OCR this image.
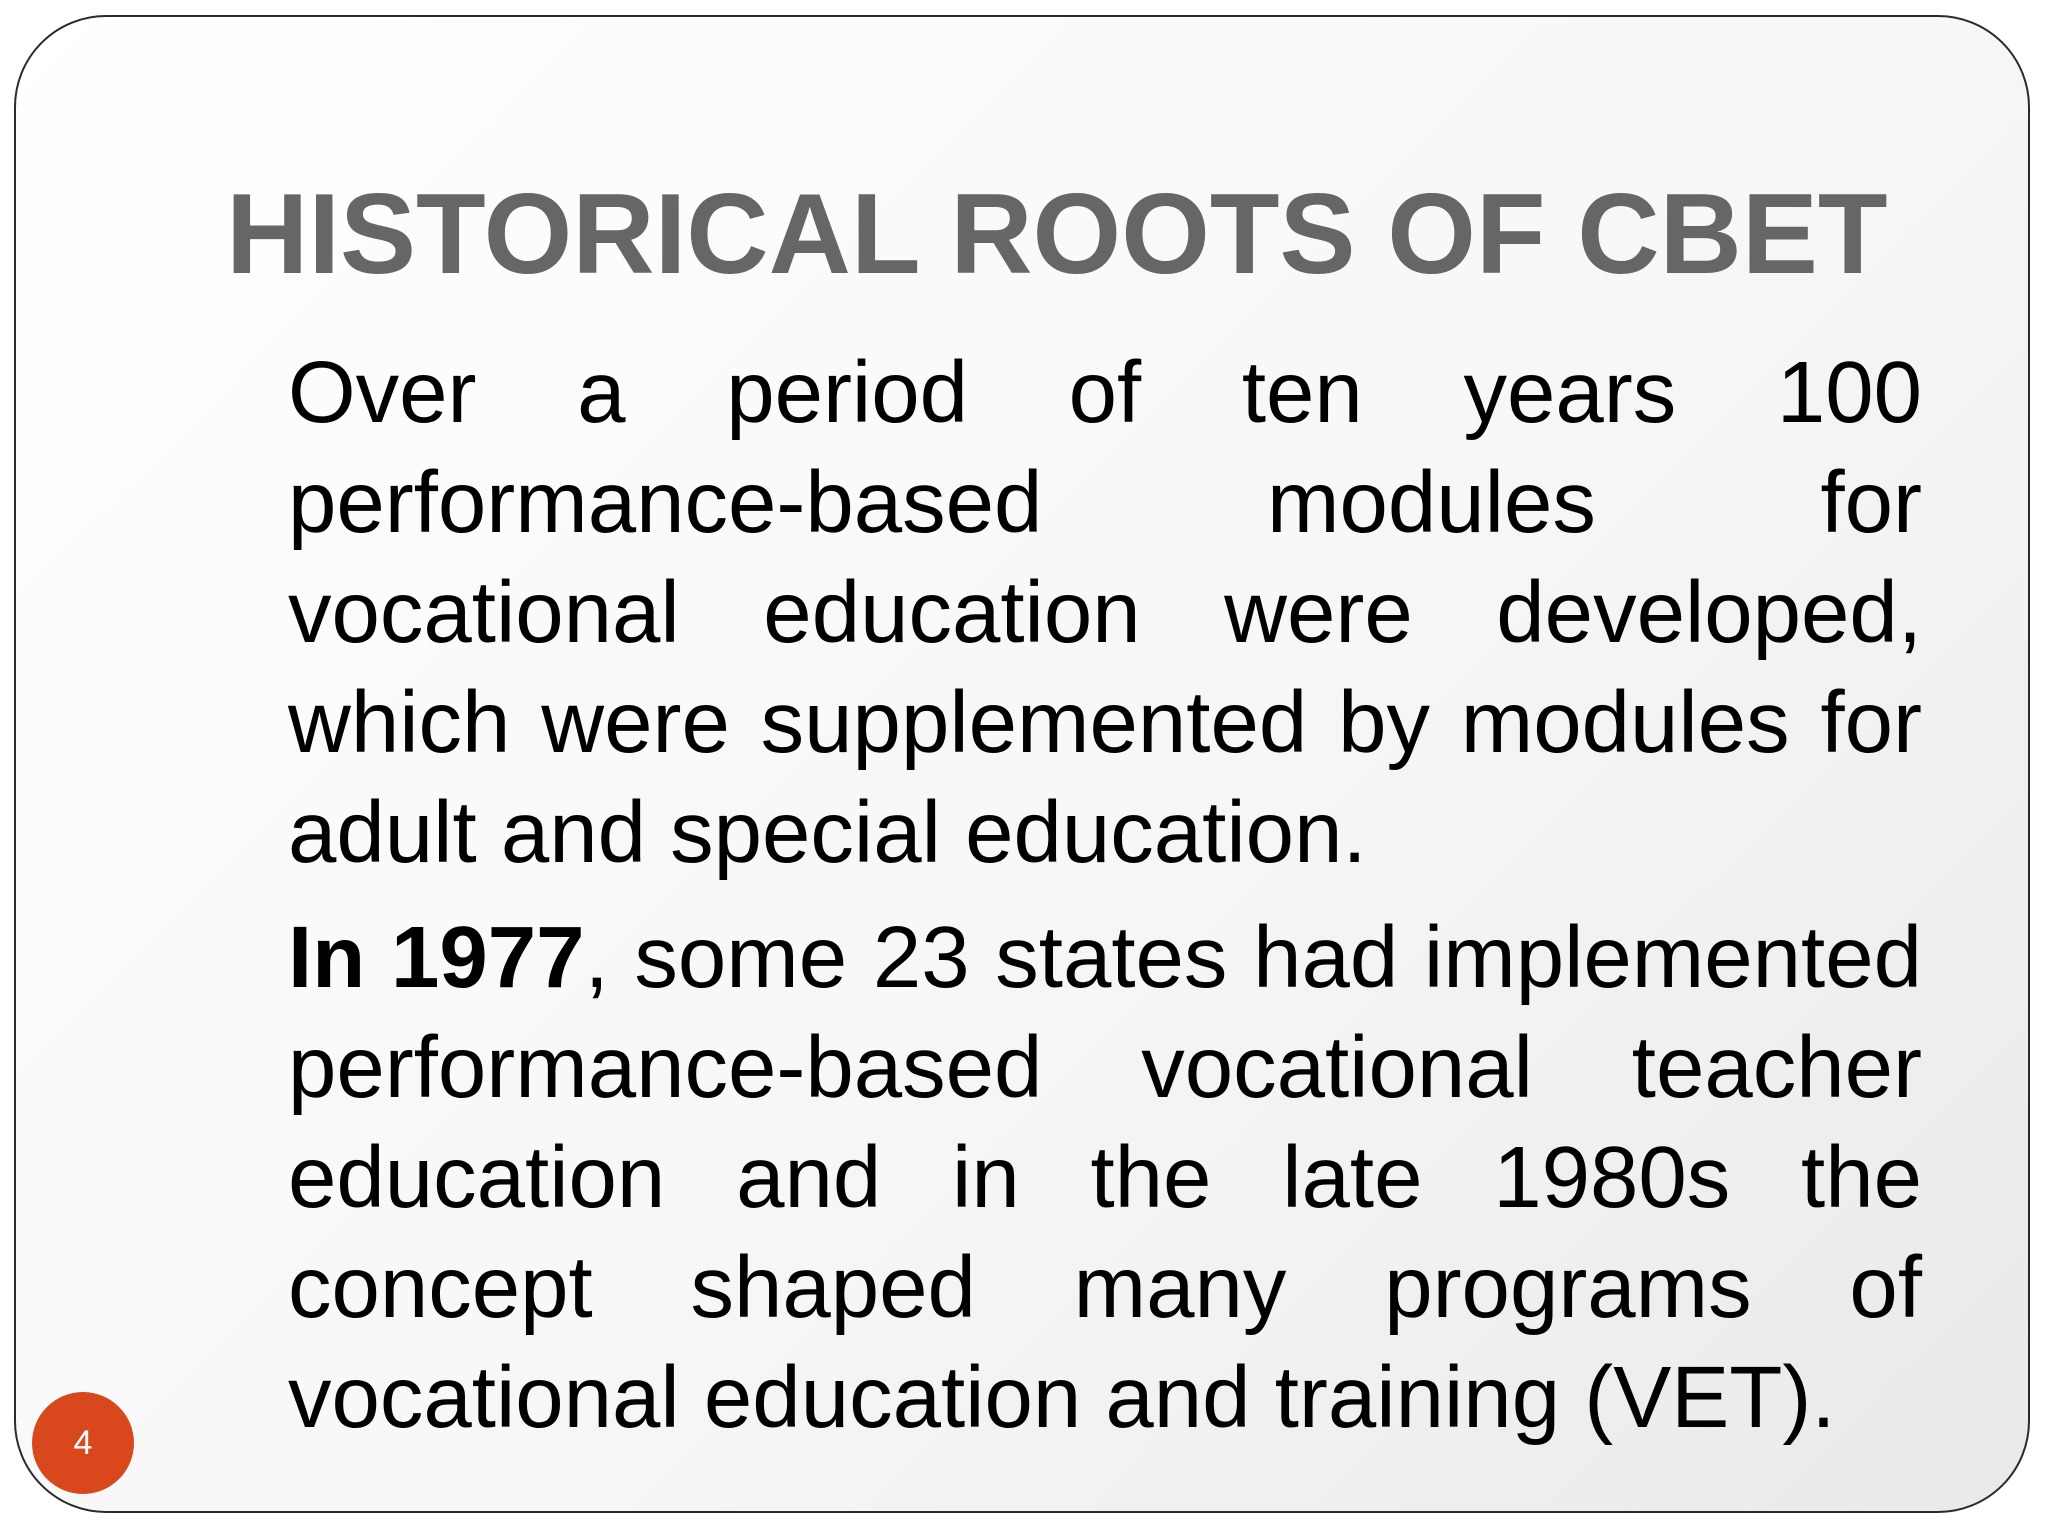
HISTORICAL ROOTS OF CBET

Over a period of ten years 100 performance-based modules for vocational education were developed, which were supplemented by modules for adult and special education.

In 1977, some 23 states had implemented performance-based vocational teacher education and in the late 1980s the concept shaped many programs of vocational education and training (VET).

4
